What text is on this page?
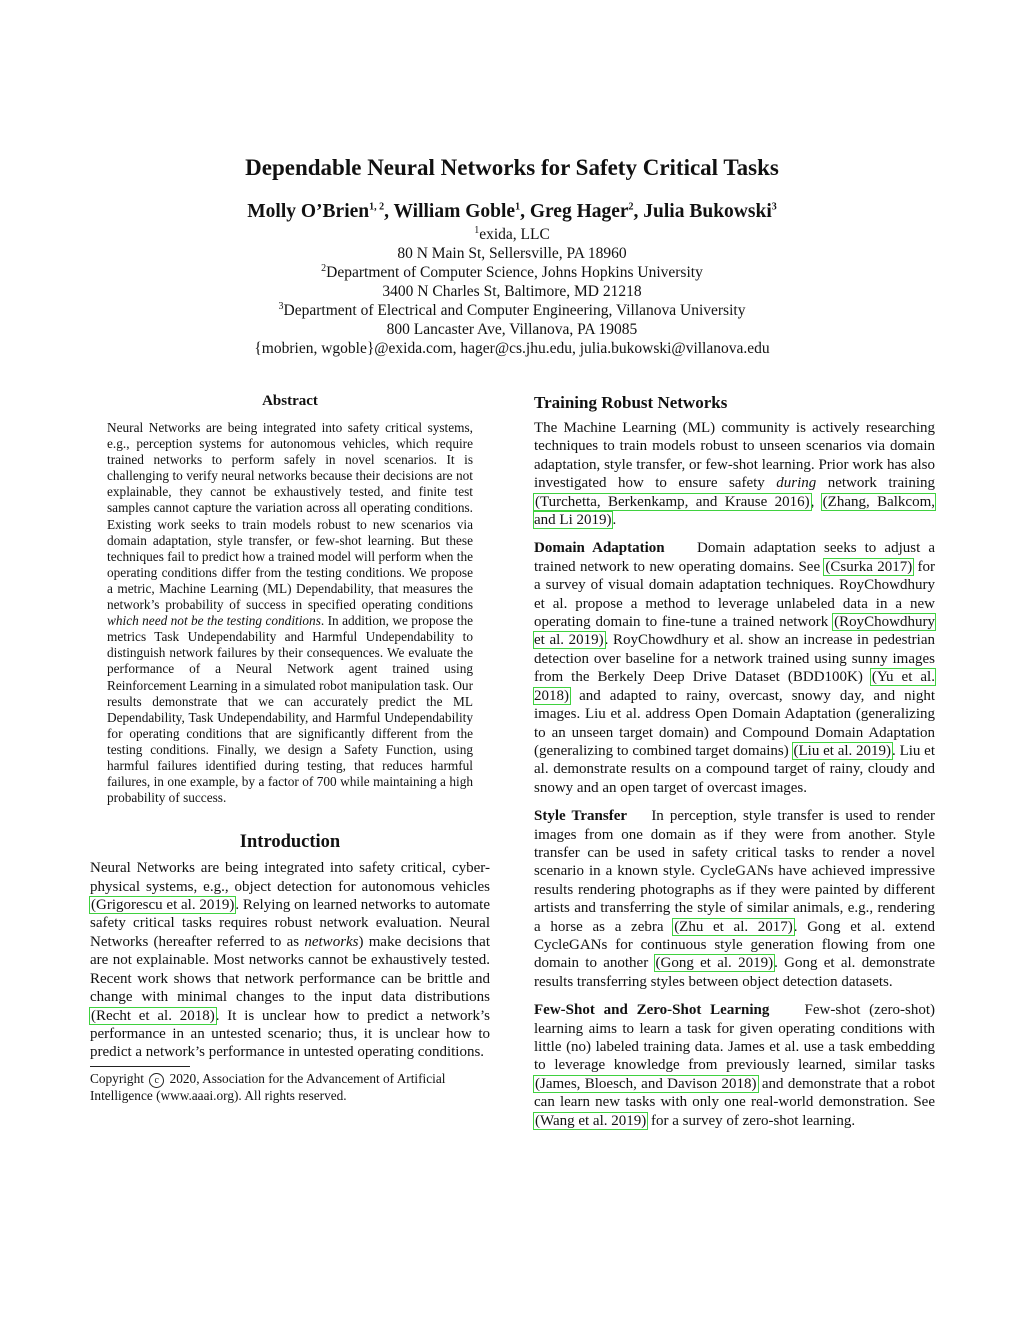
Dependable Neural Networks for Safety Critical Tasks
Molly O’Brien$^{1, 2}$, William Goble$^1$, Greg Hager$^2$, Julia Bukowski$^3$
$^1$exida, LLC
80 N Main St, Sellersville, PA 18960
$^2$Department of Computer Science, Johns Hopkins University
3400 N Charles St, Baltimore, MD 21218
$^3$Department of Electrical and Computer Engineering, Villanova University
800 Lancaster Ave, Villanova, PA 19085
{mobrien, wgoble}@exida.com, hager@cs.jhu.edu, julia.bukowski@villanova.edu
Abstract

Neural Networks are being integrated into safety critical systems, e.g., perception systems for autonomous vehicles, which require trained networks to perform safely in novel scenarios. It is challenging to verify neural networks because their decisions are not explainable, they cannot be exhaustively tested, and finite test samples cannot capture the variation across all operating conditions. Existing work seeks to train models robust to new scenarios via domain adaptation, style transfer, or few-shot learning. But these techniques fail to predict how a trained model will perform when the operating conditions differ from the testing conditions. We propose a metric, Machine Learning (ML) Dependability, that measures the network’s probability of success in specified operating conditions which need not be the testing conditions. In addition, we propose the metrics Task Undependability and Harmful Undependability to distinguish network failures by their consequences. We evaluate the performance of a Neural Network agent trained using Reinforcement Learning in a simulated robot manipulation task. Our results demonstrate that we can accurately predict the ML Dependability, Task Undependability, and Harmful Undependability for operating conditions that are significantly different from the testing conditions. Finally, we design a Safety Function, using harmful failures identified during testing, that reduces harmful failures, in one example, by a factor of 700 while maintaining a high probability of success.

Introduction

Neural Networks are being integrated into safety critical, cyber-physical systems, e.g., object detection for autonomous vehicles (Grigorescu et al. 2019). Relying on learned networks to automate safety critical tasks requires robust network evaluation. Neural Networks (hereafter referred to as networks) make decisions that are not explainable. Most networks cannot be exhaustively tested. Recent work shows that network performance can be brittle and change with minimal changes to the input data distributions (Recht et al. 2018). It is unclear how to predict a network’s performance in an untested scenario; thus, it is unclear how to predict a network’s performance in untested operating conditions.

Copyright c 2020, Association for the Advancement of Artificial Intelligence (www.aaai.org). All rights reserved.

Training Robust Networks

The Machine Learning (ML) community is actively researching techniques to train models robust to unseen scenarios via domain adaptation, style transfer, or few-shot learning. Prior work has also investigated how to ensure safety during network training (Turchetta, Berkenkamp, and Krause 2016), (Zhang, Balkcom, and Li 2019).

Domain Adaptation Domain adaptation seeks to adjust a trained network to new operating domains. See (Csurka 2017) for a survey of visual domain adaptation techniques. RoyChowdhury et al. propose a method to leverage unlabeled data in a new operating domain to fine-tune a trained network (RoyChowdhury et al. 2019). RoyChowdhury et al. show an increase in pedestrian detection over baseline for a network trained using sunny images from the Berkely Deep Drive Dataset (BDD100K) (Yu et al. 2018) and adapted to rainy, overcast, snowy day, and night images. Liu et al. address Open Domain Adaptation (generalizing to an unseen target domain) and Compound Domain Adaptation (generalizing to combined target domains) (Liu et al. 2019). Liu et al. demonstrate results on a compound target of rainy, cloudy and snowy and an open target of overcast images.

Style Transfer In perception, style transfer is used to render images from one domain as if they were from another. Style transfer can be used in safety critical tasks to render a novel scenario in a known style. CycleGANs have achieved impressive results rendering photographs as if they were painted by different artists and transferring the style of similar animals, e.g., rendering a horse as a zebra (Zhu et al. 2017). Gong et al. extend CycleGANs for continuous style generation flowing from one domain to another (Gong et al. 2019). Gong et al. demonstrate results transferring styles between object detection datasets.

Few-Shot and Zero-Shot Learning Few-shot (zero-shot) learning aims to learn a task for given operating conditions with little (no) labeled training data. James et al. use a task embedding to leverage knowledge from previously learned, similar tasks (James, Bloesch, and Davison 2018) and demonstrate that a robot can learn new tasks with only one real-world demonstration. See (Wang et al. 2019) for a survey of zero-shot learning.
